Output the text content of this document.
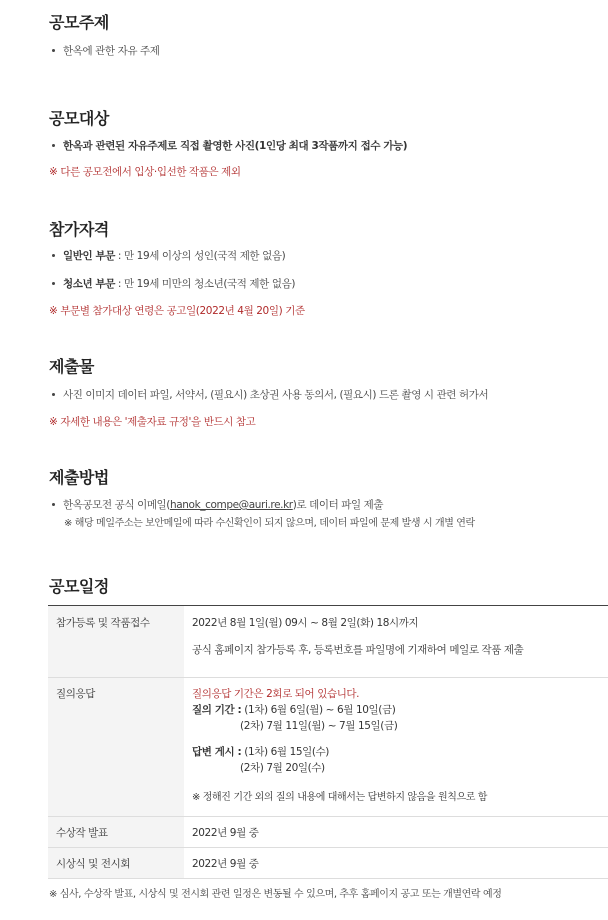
공모주제
한옥에 관한 자유 주제
공모대상
한옥과 관련된 자유주제로 직접 촬영한 사진(1인당 최대 3작품까지 접수 가능)
※ 다른 공모전에서 입상·입선한 작품은 제외
참가자격
일반인 부문 : 만 19세 이상의 성인(국적 제한 없음)
청소년 부문 : 만 19세 미만의 청소년(국적 제한 없음)
※ 부문별 참가대상 연령은 공고일(2022년 4월 20일) 기준
제출물
사진 이미지 데이터 파일, 서약서, (필요시) 초상권 사용 동의서, (필요시) 드론 촬영 시 관련 허가서
※ 자세한 내용은 '제출자료 규정'을 반드시 참고
제출방법
한옥공모전 공식 이메일(hanok_compe@auri.re.kr)로 데이터 파일 제출
※ 해당 메일주소는 보안메일에 따라 수신확인이 되지 않으며, 데이터 파일에 문제 발생 시 개별 연락
공모일정
참가등록 및 작품접수	2022년 8월 1일(월) 09시 ~ 8월 2일(화) 18시까지
공식 홈페이지 참가등록 후, 등록번호를 파일명에 기재하여 메일로 작품 제출
질의응답	질의응답 기간은 2회로 되어 있습니다.
질의 기간 : (1차) 6월 6일(월) ~ 6월 10일(금)
(2차) 7월 11일(월) ~ 7월 15일(금)
답변 게시 : (1차) 6월 15일(수)
(2차) 7월 20일(수)
※ 정해진 기간 외의 질의 내용에 대해서는 답변하지 않음을 원칙으로 함
수상작 발표	2022년 9월 중
시상식 및 전시회	2022년 9월 중
※ 심사, 수상작 발표, 시상식 및 전시회 관련 일정은 변동될 수 있으며, 추후 홈페이지 공고 또는 개별연락 예정
